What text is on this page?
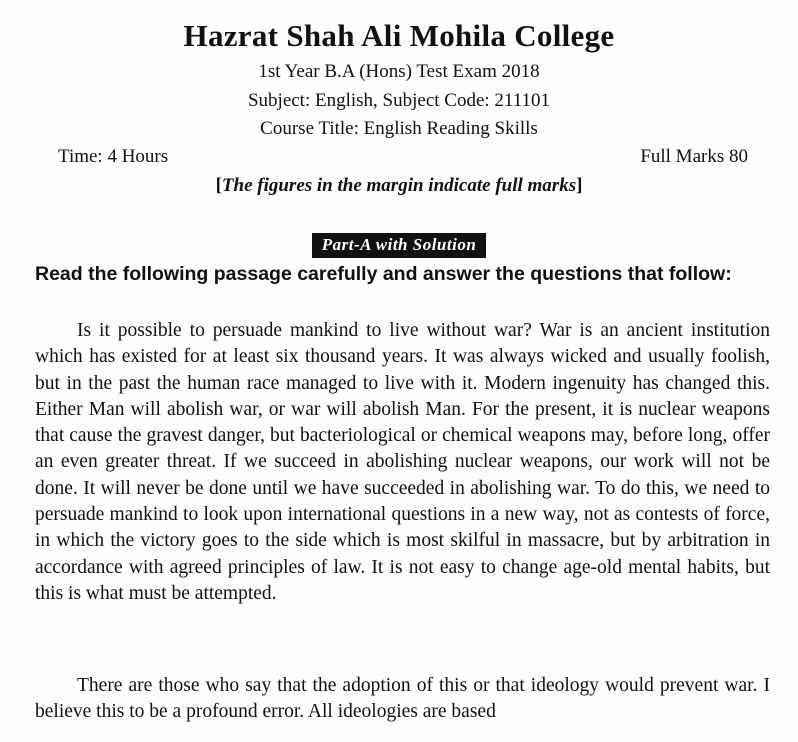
Hazrat Shah Ali Mohila College
1st Year B.A (Hons) Test Exam 2018
Subject: English, Subject Code: 211101
Course Title: English Reading Skills
Time: 4 Hours	Full Marks 80
[The figures in the margin indicate full marks]
Part-A with Solution
Read the following passage carefully and answer the questions that follow:

Is it possible to persuade mankind to live without war? War is an ancient institution which has existed for at least six thousand years. It was always wicked and usually foolish, but in the past the human race managed to live with it. Modern ingenuity has changed this. Either Man will abolish war, or war will abolish Man. For the present, it is nuclear weapons that cause the gravest danger, but bacteriological or chemical weapons may, before long, offer an even greater threat. If we succeed in abolishing nuclear weapons, our work will not be done. It will never be done until we have succeeded in abolishing war. To do this, we need to persuade mankind to look upon international questions in a new way, not as contests of force, in which the victory goes to the side which is most skilful in massacre, but by arbitration in accordance with agreed principles of law. It is not easy to change age-old mental habits, but this is what must be attempted.

There are those who say that the adoption of this or that ideology would prevent war. I believe this to be a profound error. All ideologies are based
